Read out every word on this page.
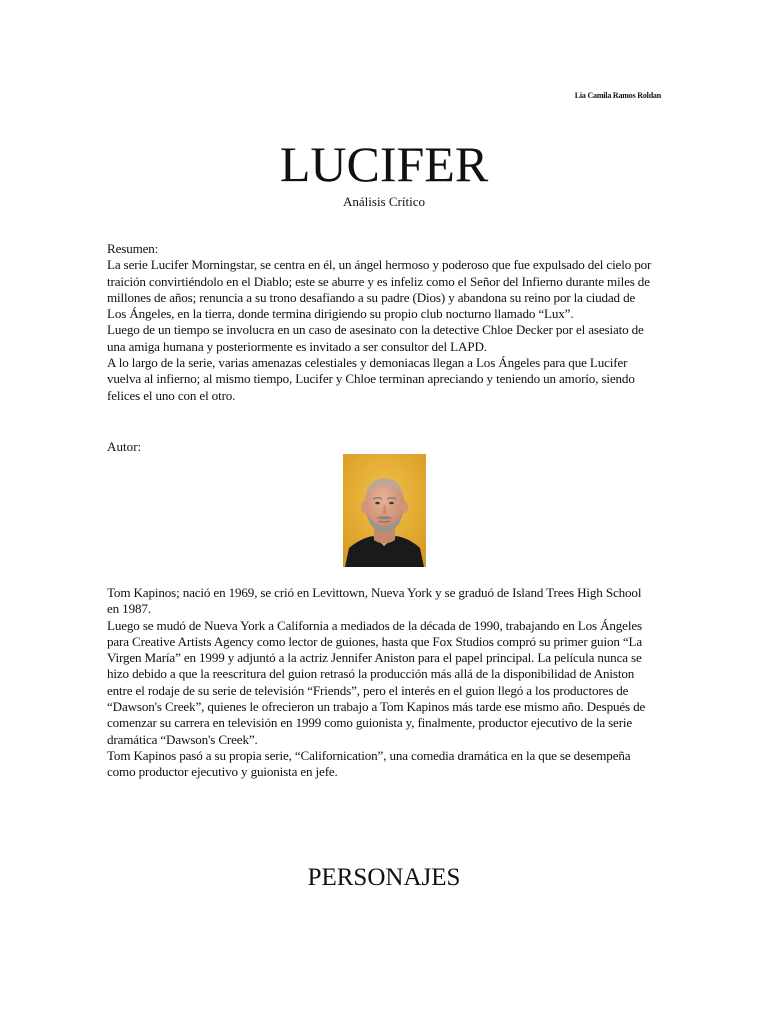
Lia Camila Ramos Roldan
LUCIFER
Análisis Crítico

Resumen:

La serie Lucifer Morningstar, se centra en él, un ángel hermoso y poderoso que fue expulsado del cielo por traición convirtiéndolo en el Diablo; este se aburre y es infeliz como el Señor del Infierno durante miles de millones de años; renuncia a su trono desafiando a su padre (Dios) y abandona su reino por la ciudad de Los Ángeles, en la tierra, donde termina dirigiendo su propio club nocturno llamado “Lux”.

Luego de un tiempo se involucra en un caso de asesinato con la detective Chloe Decker por el asesiato de una amiga humana y posteriormente es invitado a ser consultor del LAPD.

A lo largo de la serie, varias amenazas celestiales y demoniacas llegan a Los Ángeles para que Lucifer vuelva al infierno; al mismo tiempo, Lucifer y Chloe terminan apreciando y teniendo un amorío, siendo felices el uno con el otro.

Autor:

Tom Kapinos; nació en 1969, se crió en Levittown, Nueva York y se graduó de Island Trees High School en 1987.

Luego se mudó de Nueva York a California a mediados de la década de 1990, trabajando en Los Ángeles para Creative Artists Agency como lector de guiones, hasta que Fox Studios compró su primer guion “La Virgen María” en 1999 y adjuntó a la actriz Jennifer Aniston para el papel principal. La película nunca se hizo debido a que la reescritura del guion retrasó la producción más allá de la disponibilidad de Aniston entre el rodaje de su serie de televisión “Friends”, pero el interés en el guion llegó a los productores de “Dawson's Creek”, quienes le ofrecieron un trabajo a Tom Kapinos más tarde ese mismo año. Después de comenzar su carrera en televisión en 1999 como guionista y, finalmente, productor ejecutivo de la serie dramática “Dawson's Creek”.

Tom Kapinos pasó a su propia serie, “Californication”, una comedia dramática en la que se desempeña como productor ejecutivo y guionista en jefe.

PERSONAJES
